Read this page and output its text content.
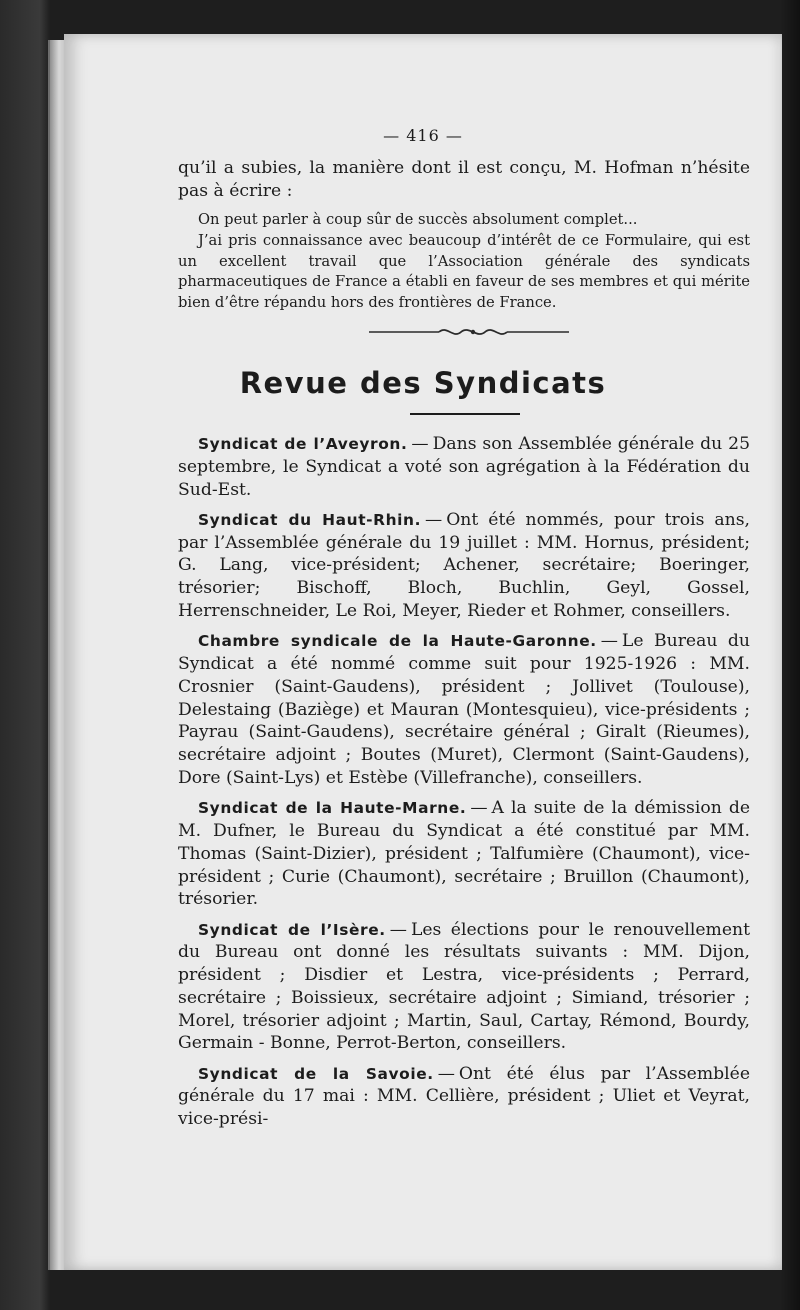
— 416 —
qu’il a subies, la manière dont il est conçu, M. Hofman n’hésite pas à écrire :

On peut parler à coup sûr de succès absolument complet...

J’ai pris connaissance avec beaucoup d’intérêt de ce Formulaire, qui est un excellent travail que l’Association générale des syndicats pharmaceutiques de France a établi en faveur de ses membres et qui mérite bien d’être répandu hors des frontières de France.

Revue des Syndicats

Syndicat de l’Aveyron. — Dans son Assemblée générale du 25 septembre, le Syndicat a voté son agrégation à la Fédération du Sud-Est.

Syndicat du Haut-Rhin. — Ont été nommés, pour trois ans, par l’Assemblée générale du 19 juillet : MM. Hornus, président; G. Lang, vice-président; Achener, secrétaire; Boeringer, trésorier; Bischoff, Bloch, Buchlin, Geyl, Gossel, Herrenschneider, Le Roi, Meyer, Rieder et Rohmer, conseillers.

Chambre syndicale de la Haute-Garonne. — Le Bureau du Syndicat a été nommé comme suit pour 1925-1926 : MM. Crosnier (Saint-Gaudens), président ; Jollivet (Toulouse), Delestaing (Baziège) et Mauran (Montesquieu), vice-présidents ; Payrau (Saint-Gaudens), secrétaire général ; Giralt (Rieumes), secrétaire adjoint ; Boutes (Muret), Clermont (Saint-Gaudens), Dore (Saint-Lys) et Estèbe (Villefranche), conseillers.

Syndicat de la Haute-Marne. — A la suite de la démission de M. Dufner, le Bureau du Syndicat a été constitué par MM. Thomas (Saint-Dizier), président ; Talfumière (Chaumont), vice-président ; Curie (Chaumont), secrétaire ; Bruillon (Chaumont), trésorier.

Syndicat de l’Isère. — Les élections pour le renouvellement du Bureau ont donné les résultats suivants : MM. Dijon, président ; Disdier et Lestra, vice-présidents ; Perrard, secrétaire ; Boissieux, secrétaire adjoint ; Simiand, trésorier ; Morel, trésorier adjoint ; Martin, Saul, Cartay, Rémond, Bourdy, Germain - Bonne, Perrot-Berton, conseillers.

Syndicat de la Savoie. — Ont été élus par l’Assemblée générale du 17 mai : MM. Cellière, président ; Uliet et Veyrat, vice-prési-
